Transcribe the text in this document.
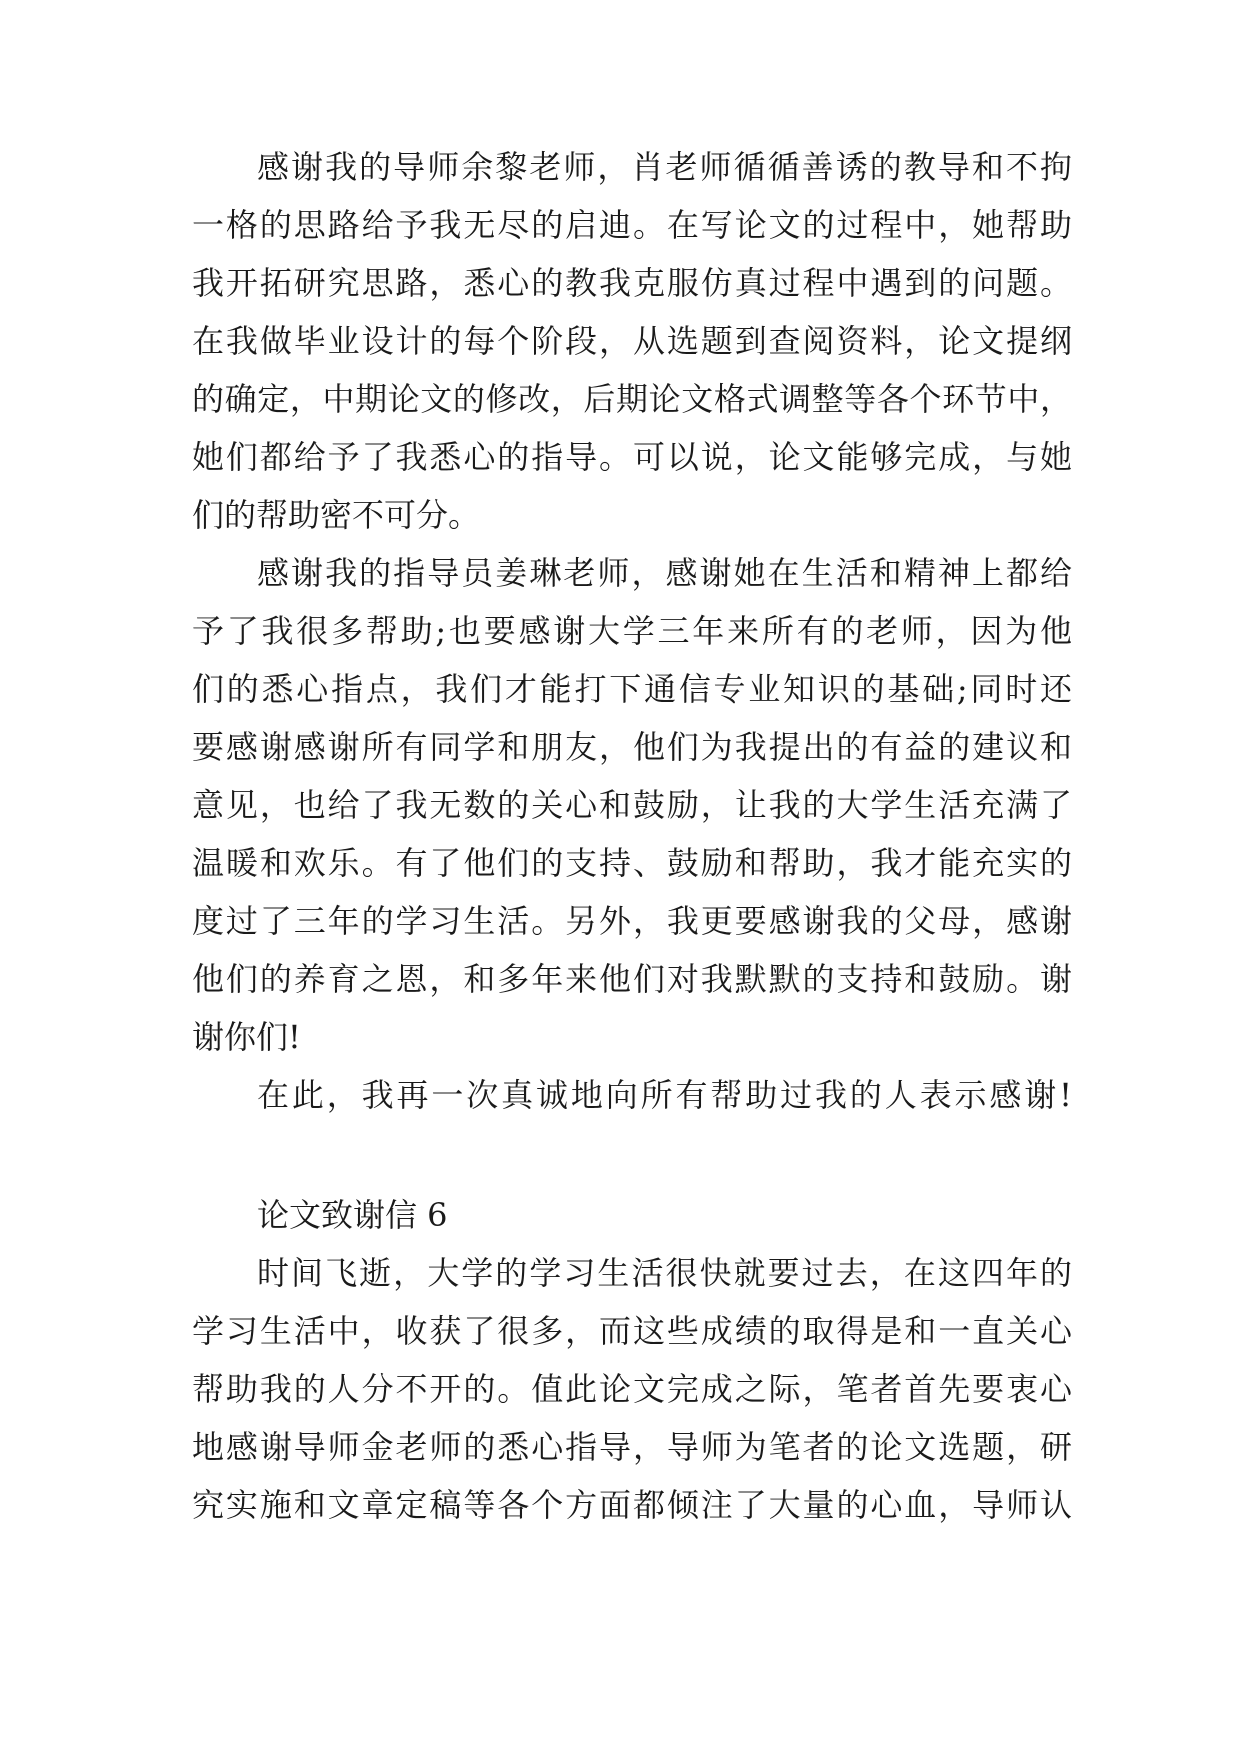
感谢我的导师余黎老师，肖老师循循善诱的教导和不拘

一格的思路给予我无尽的启迪。在写论文的过程中，她帮助

我开拓研究思路，悉心的教我克服仿真过程中遇到的问题。

在我做毕业设计的每个阶段，从选题到查阅资料，论文提纲

的确定，中期论文的修改，后期论文格式调整等各个环节中，

她们都给予了我悉心的指导。可以说，论文能够完成，与她

们的帮助密不可分。

感谢我的指导员姜琳老师，感谢她在生活和精神上都给

予了我很多帮助;也要感谢大学三年来所有的老师，因为他

们的悉心指点，我们才能打下通信专业知识的基础;同时还

要感谢感谢所有同学和朋友，他们为我提出的有益的建议和

意见，也给了我无数的关心和鼓励，让我的大学生活充满了

温暖和欢乐。有了他们的支持、鼓励和帮助，我才能充实的

度过了三年的学习生活。另外，我更要感谢我的父母，感谢

他们的养育之恩，和多年来他们对我默默的支持和鼓励。谢

谢你们!

在此，我再一次真诚地向所有帮助过我的人表示感谢!

论文致谢信 6

时间飞逝，大学的学习生活很快就要过去，在这四年的

学习生活中，收获了很多，而这些成绩的取得是和一直关心

帮助我的人分不开的。值此论文完成之际，笔者首先要衷心

地感谢导师金老师的悉心指导，导师为笔者的论文选题，研

究实施和文章定稿等各个方面都倾注了大量的心血，导师认
